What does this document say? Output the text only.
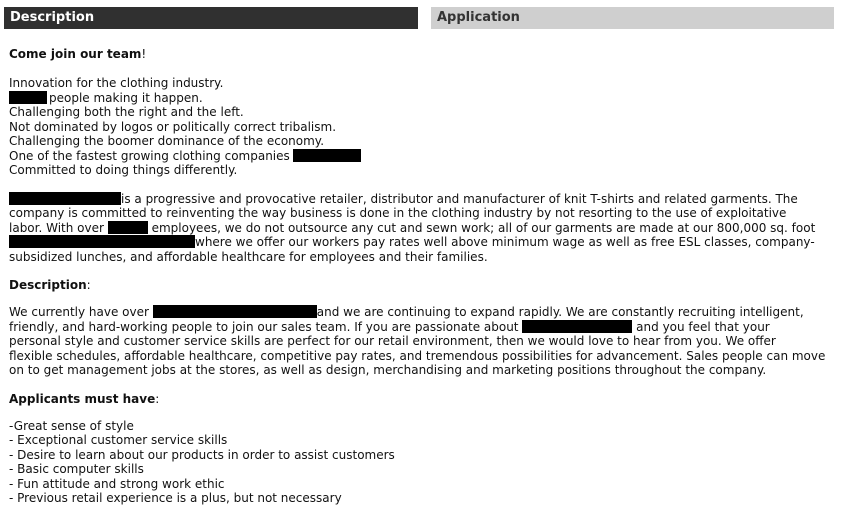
Description	Application
Come join our team!
Innovation for the clothing industry.
people making it happen.
Challenging both the right and the left.
Not dominated by logos or politically correct tribalism.
Challenging the boomer dominance of the economy.
One of the fastest growing clothing companies
Committed to doing things differently.
is a progressive and provocative retailer, distributor and manufacturer of knit T-shirts and related garments. The
company is committed to reinventing the way business is done in the clothing industry by not resorting to the use of exploitative
labor. With over	employees, we do not outsource any cut and sewn work; all of our garments are made at our 800,000 sq. foot
where we offer our workers pay rates well above minimum wage as well as free ESL classes, company-
subsidized lunches, and affordable healthcare for employees and their families.
Description:
We currently have over	and we are continuing to expand rapidly. We are constantly recruiting intelligent,
friendly, and hard-working people to join our sales team. If you are passionate about	and you feel that your
personal style and customer service skills are perfect for our retail environment, then we would love to hear from you. We offer
flexible schedules, affordable healthcare, competitive pay rates, and tremendous possibilities for advancement. Sales people can move
on to get management jobs at the stores, as well as design, merchandising and marketing positions throughout the company.
Applicants must have:
-Great sense of style
- Exceptional customer service skills
- Desire to learn about our products in order to assist customers
- Basic computer skills
- Fun attitude and strong work ethic
- Previous retail experience is a plus, but not necessary
